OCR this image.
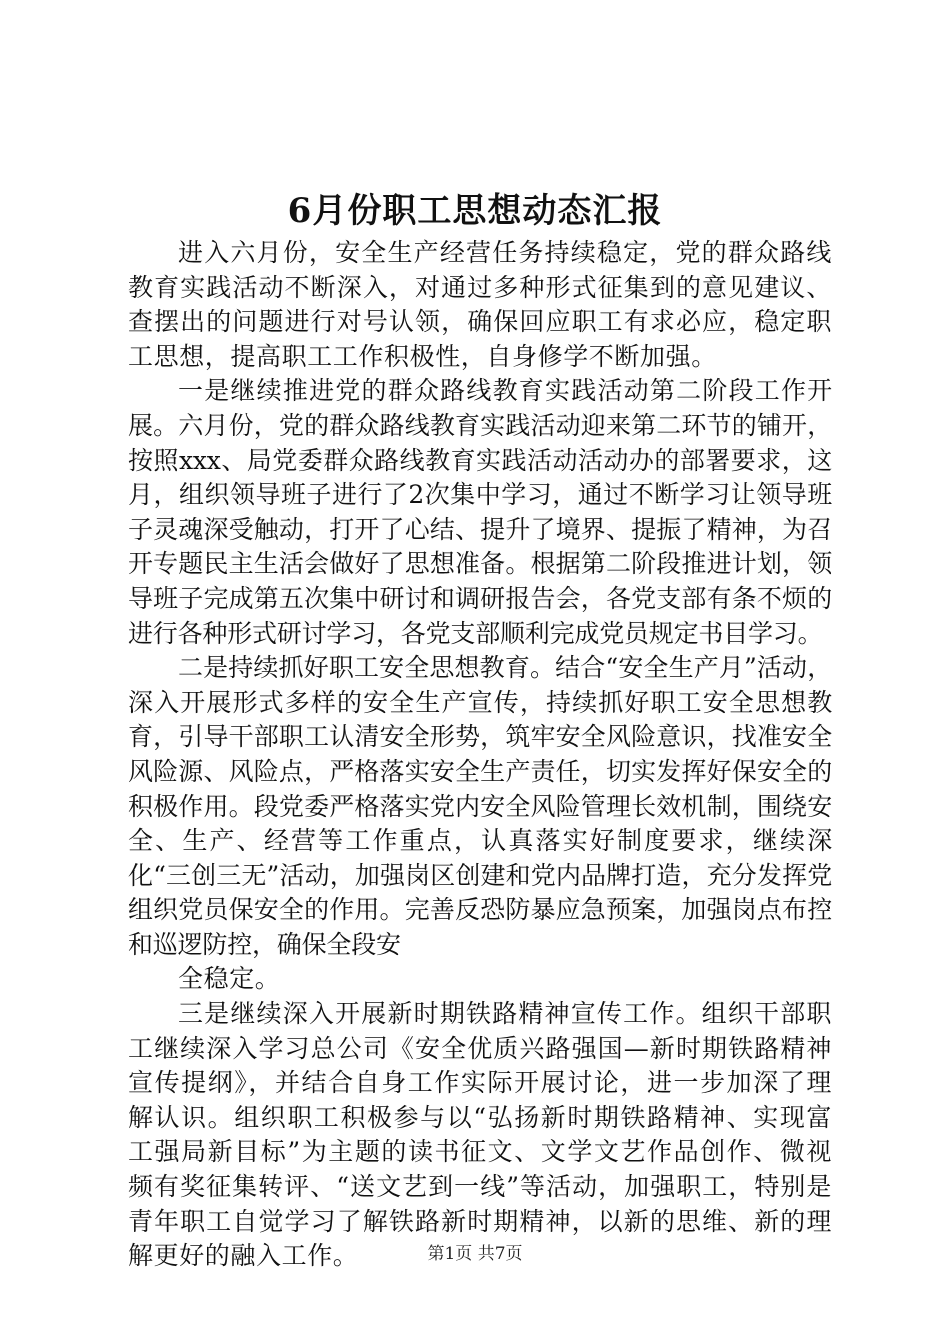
6月份职工思想动态汇报

进入六月份，安全生产经营任务持续稳定，党的群众路线教育实践活动不断深入，对通过多种形式征集到的意见建议、查摆出的问题进行对号认领，确保回应职工有求必应，稳定职工思想，提高职工工作积极性，自身修学不断加强。

一是继续推进党的群众路线教育实践活动第二阶段工作开展。六月份，党的群众路线教育实践活动迎来第二环节的铺开，按照xxx、局党委群众路线教育实践活动活动办的部署要求，这月，组织领导班子进行了2次集中学习，通过不断学习让领导班子灵魂深受触动，打开了心结、提升了境界、提振了精神，为召开专题民主生活会做好了思想准备。根据第二阶段推进计划，领导班子完成第五次集中研讨和调研报告会，各党支部有条不烦的进行各种形式研讨学习，各党支部顺利完成党员规定书目学习。

二是持续抓好职工安全思想教育。结合“安全生产月”活动，深入开展形式多样的安全生产宣传，持续抓好职工安全思想教育，引导干部职工认清安全形势，筑牢安全风险意识，找准安全风险源、风险点，严格落实安全生产责任，切实发挥好保安全的积极作用。段党委严格落实党内安全风险管理长效机制，围绕安全、生产、经营等工作重点，认真落实好制度要求，继续深化“三创三无”活动，加强岗区创建和党内品牌打造，充分发挥党组织党员保安全的作用。完善反恐防暴应急预案，加强岗点布控和巡逻防控，确保全段安

全稳定。

三是继续深入开展新时期铁路精神宣传工作。组织干部职工继续深入学习总公司《安全优质兴路强国—新时期铁路精神宣传提纲》，并结合自身工作实际开展讨论，进一步加深了理解认识。组织职工积极参与以“弘扬新时期铁路精神、实现富工强局新目标”为主题的读书征文、文学文艺作品创作、微视频有奖征集转评、“送文艺到一线”等活动，加强职工，特别是青年职工自觉学习了解铁路新时期精神，以新的思维、新的理解更好的融入工作。	第1页 共7页
